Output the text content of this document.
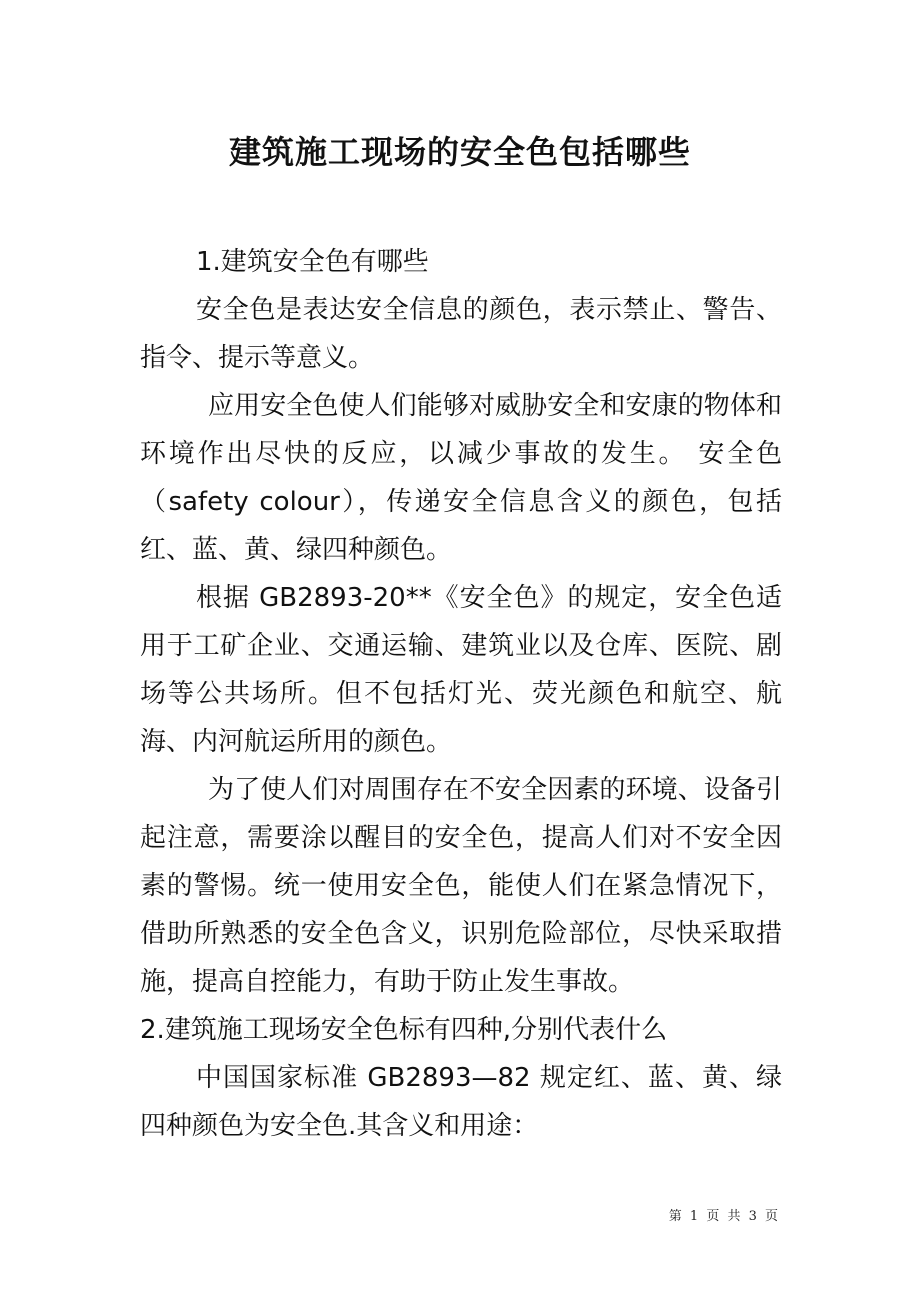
建筑施工现场的安全色包括哪些

1.建筑安全色有哪些

安全色是表达安全信息的颜色，表示禁止、警告、指令、提示等意义。

应用安全色使人们能够对威胁安全和安康的物体和环境作出尽快的反应，以减少事故的发生。 安全色（safety colour），传递安全信息含义的颜色，包括红、蓝、黄、绿四种颜色。

根据 GB2893-20**《安全色》的规定，安全色适用于工矿企业、交通运输、建筑业以及仓库、医院、剧场等公共场所。但不包括灯光、荧光颜色和航空、航海、内河航运所用的颜色。

为了使人们对周围存在不安全因素的环境、设备引起注意，需要涂以醒目的安全色，提高人们对不安全因素的警惕。统一使用安全色，能使人们在紧急情况下，借助所熟悉的安全色含义，识别危险部位，尽快采取措施，提高自控能力，有助于防止发生事故。

2.建筑施工现场安全色标有四种,分别代表什么

中国国家标准 GB2893—82 规定红、蓝、黄、绿四种颜色为安全色.其含义和用途：

第 1 页 共 3 页
